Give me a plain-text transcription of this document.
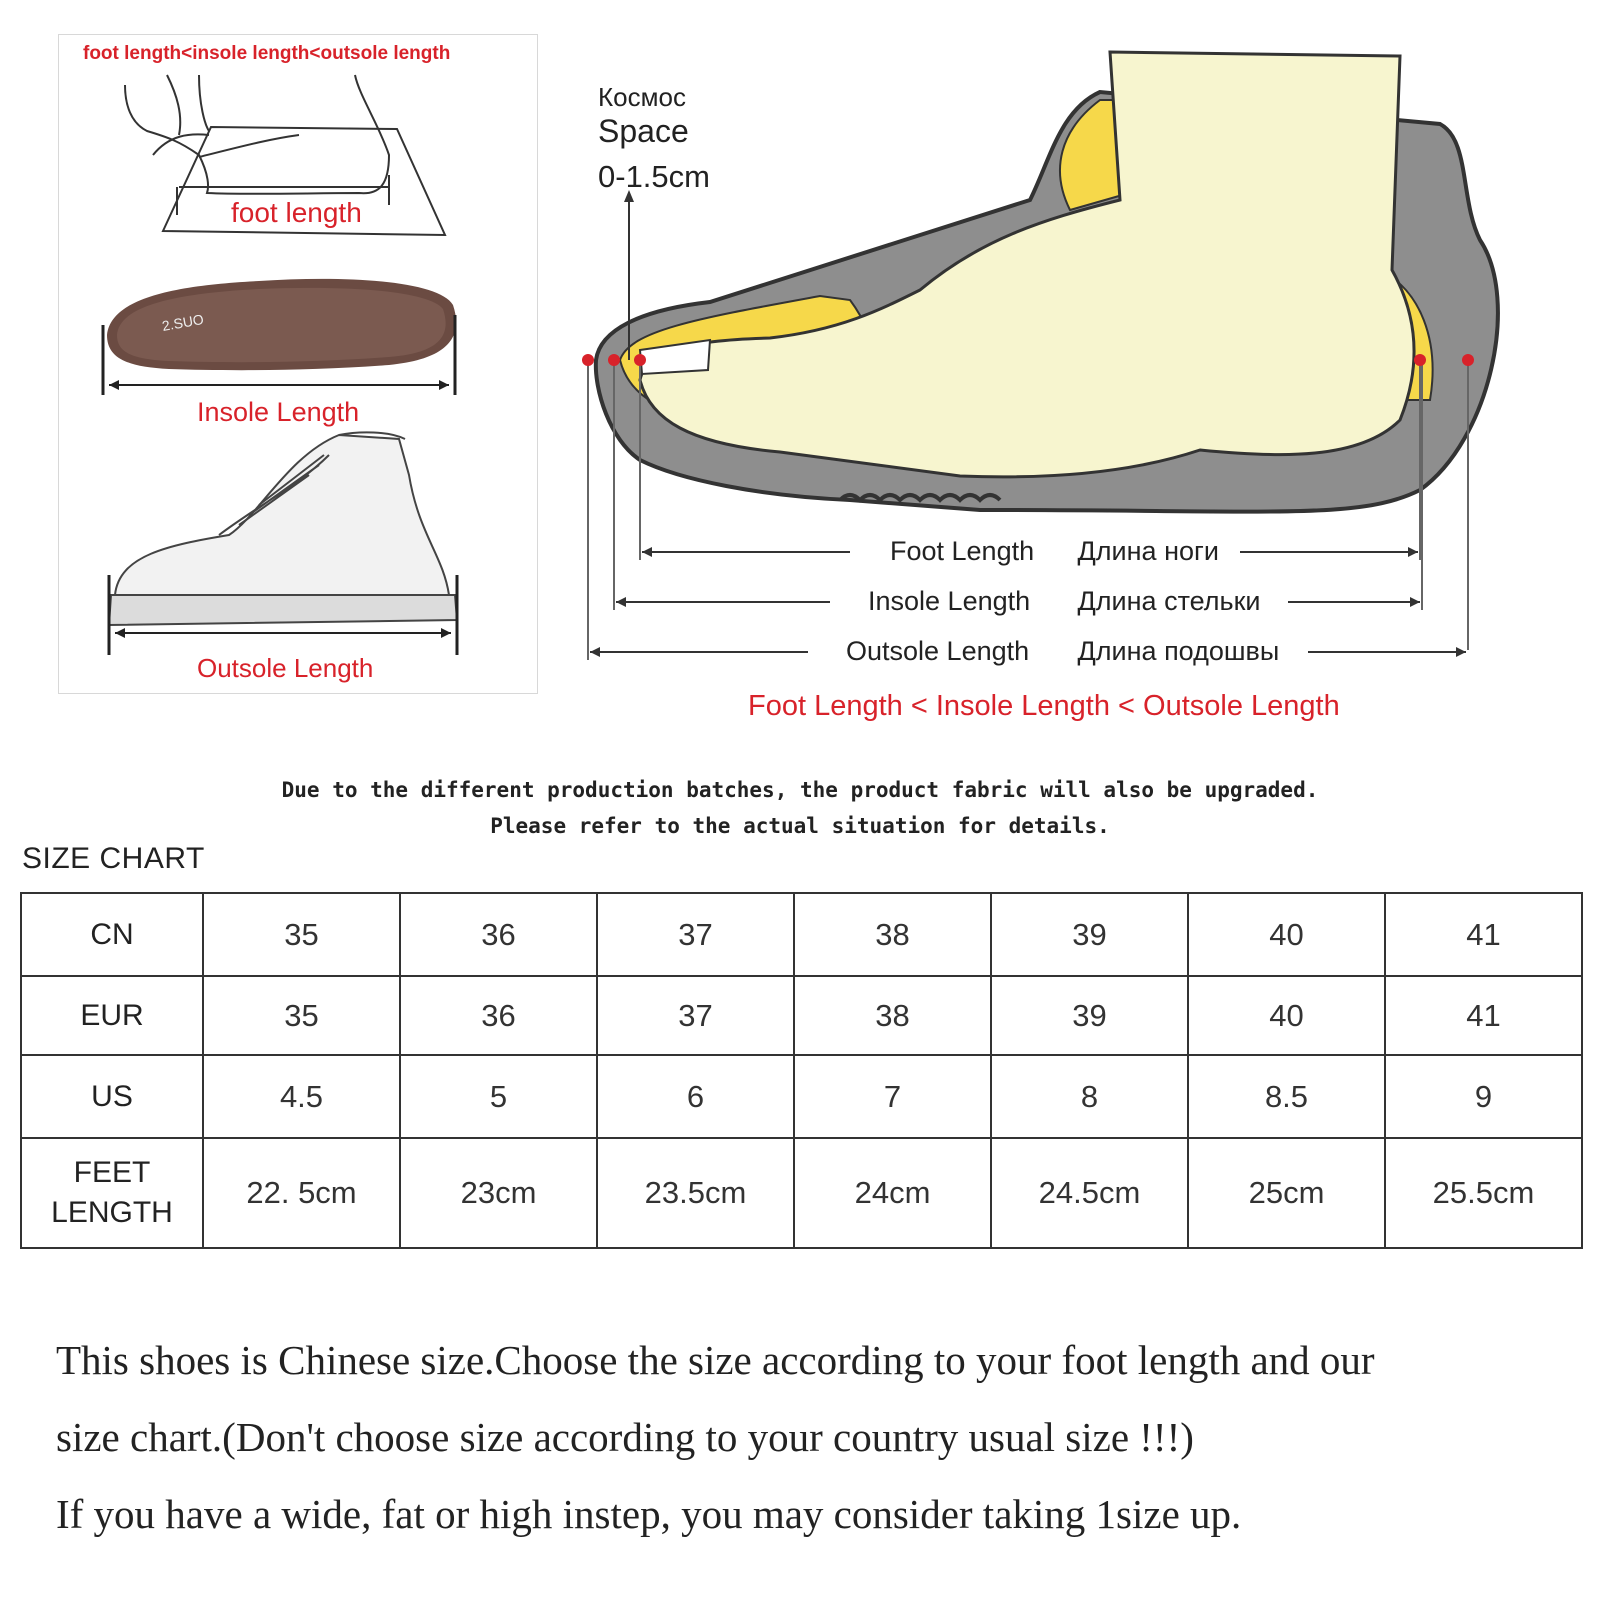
foot length<insole length<outsole length
2.SUO
foot length
Insole Length
Outsole Length
Космос
Space
0-1.5cm
Foot Length Длина ноги
Insole Length Длина стельки
Outsole Length Длина подошвы
Foot Length < Insole Length < Outsole Length
Due to the different production batches, the product fabric will also be upgraded.
Please refer to the actual situation for details.
SIZE CHART
CN	35	36	37	38	39	40	41
EUR	35	36	37	38	39	40	41
US	4.5	5	6	7	8	8.5	9

FEET
LENGTH	22. 5cm	23cm	23.5cm	24cm	24.5cm	25cm	25.5cm
This shoes is Chinese size.Choose the size according to your foot length and our
size chart.(Don't choose size according to your country usual size !!!)
If you have a wide, fat or high instep, you may consider taking 1size up.
